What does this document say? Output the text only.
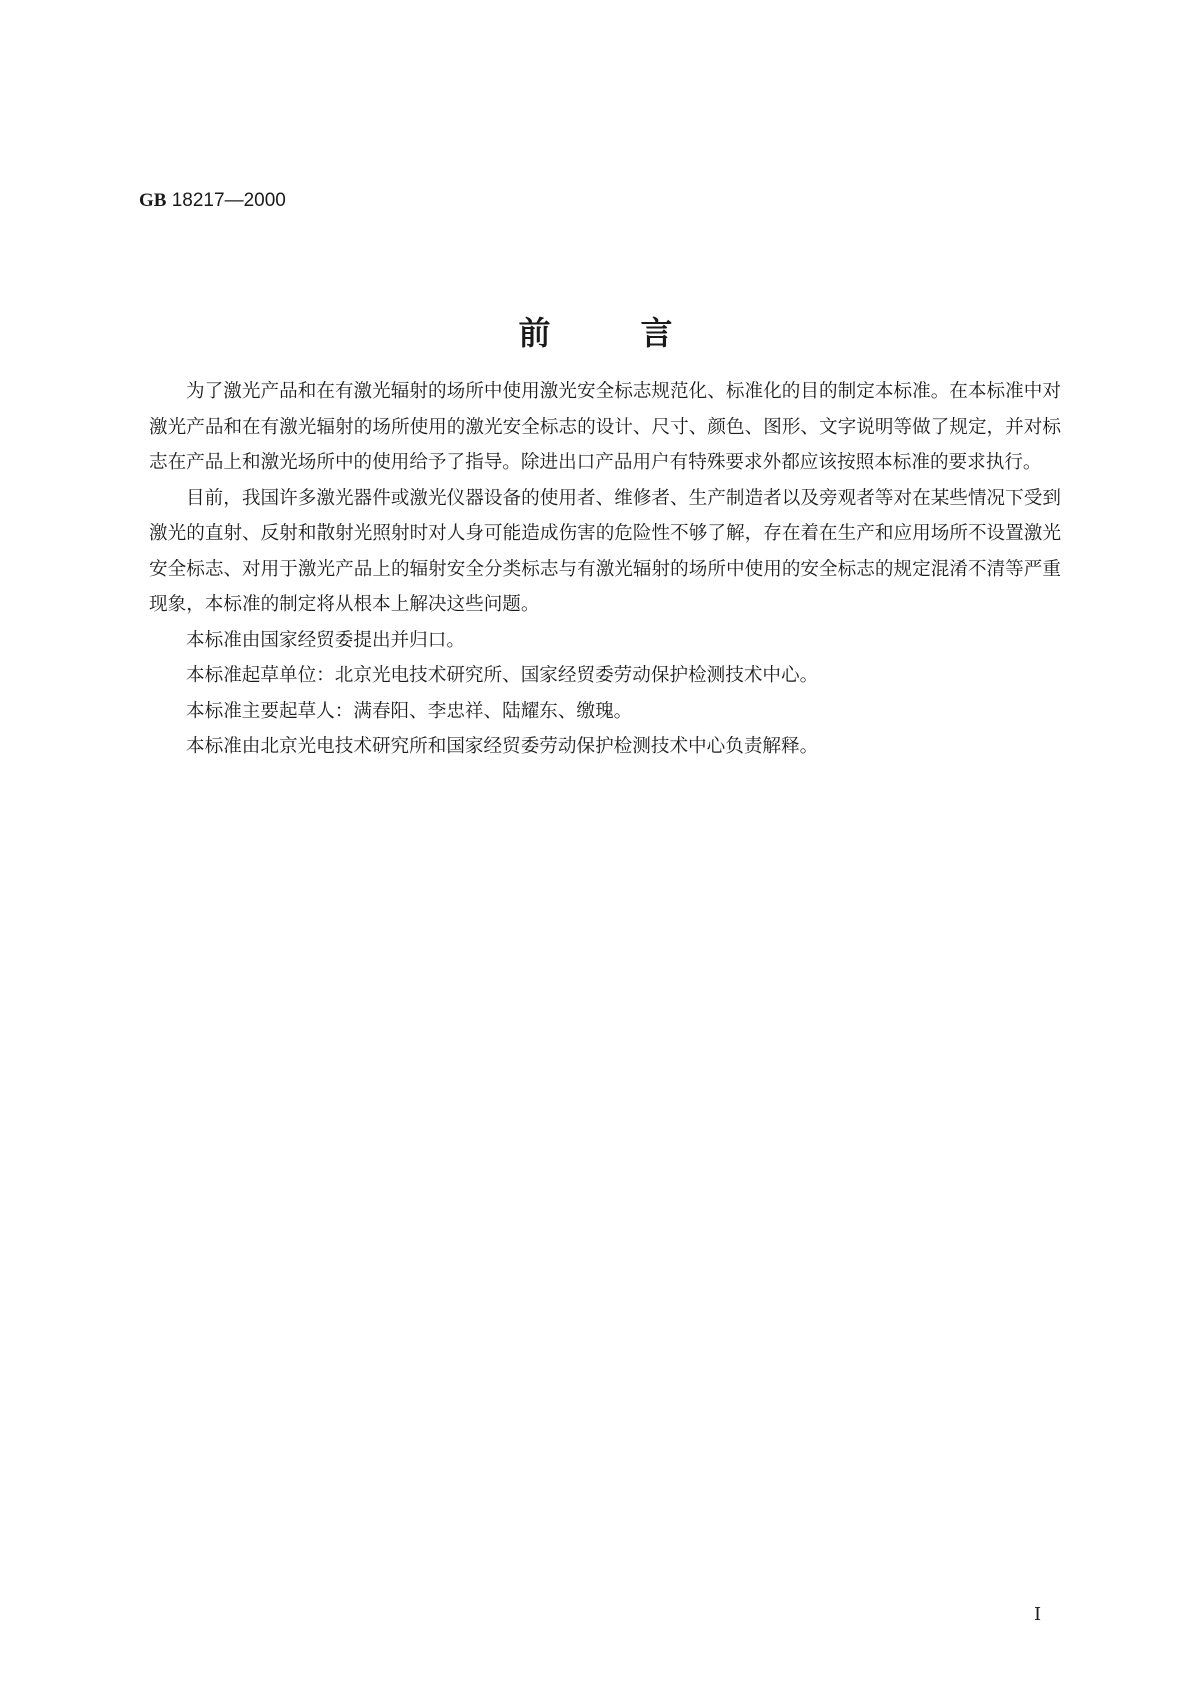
GB 18217—2000
前	言

为了激光产品和在有激光辐射的场所中使用激光安全标志规范化、标准化的目的制定本标准。在本标准中对激光产品和在有激光辐射的场所使用的激光安全标志的设计、尺寸、颜色、图形、文字说明等做了规定，并对标志在产品上和激光场所中的使用给予了指导。除进出口产品用户有特殊要求外都应该按照本标准的要求执行。

目前，我国许多激光器件或激光仪器设备的使用者、维修者、生产制造者以及旁观者等对在某些情况下受到激光的直射、反射和散射光照射时对人身可能造成伤害的危险性不够了解，存在着在生产和应用场所不设置激光安全标志、对用于激光产品上的辐射安全分类标志与有激光辐射的场所中使用的安全标志的规定混淆不清等严重现象，本标准的制定将从根本上解决这些问题。

本标准由国家经贸委提出并归口。

本标准起草单位：北京光电技术研究所、国家经贸委劳动保护检测技术中心。

本标准主要起草人：满春阳、李忠祥、陆耀东、缴瑰。

本标准由北京光电技术研究所和国家经贸委劳动保护检测技术中心负责解释。

I
